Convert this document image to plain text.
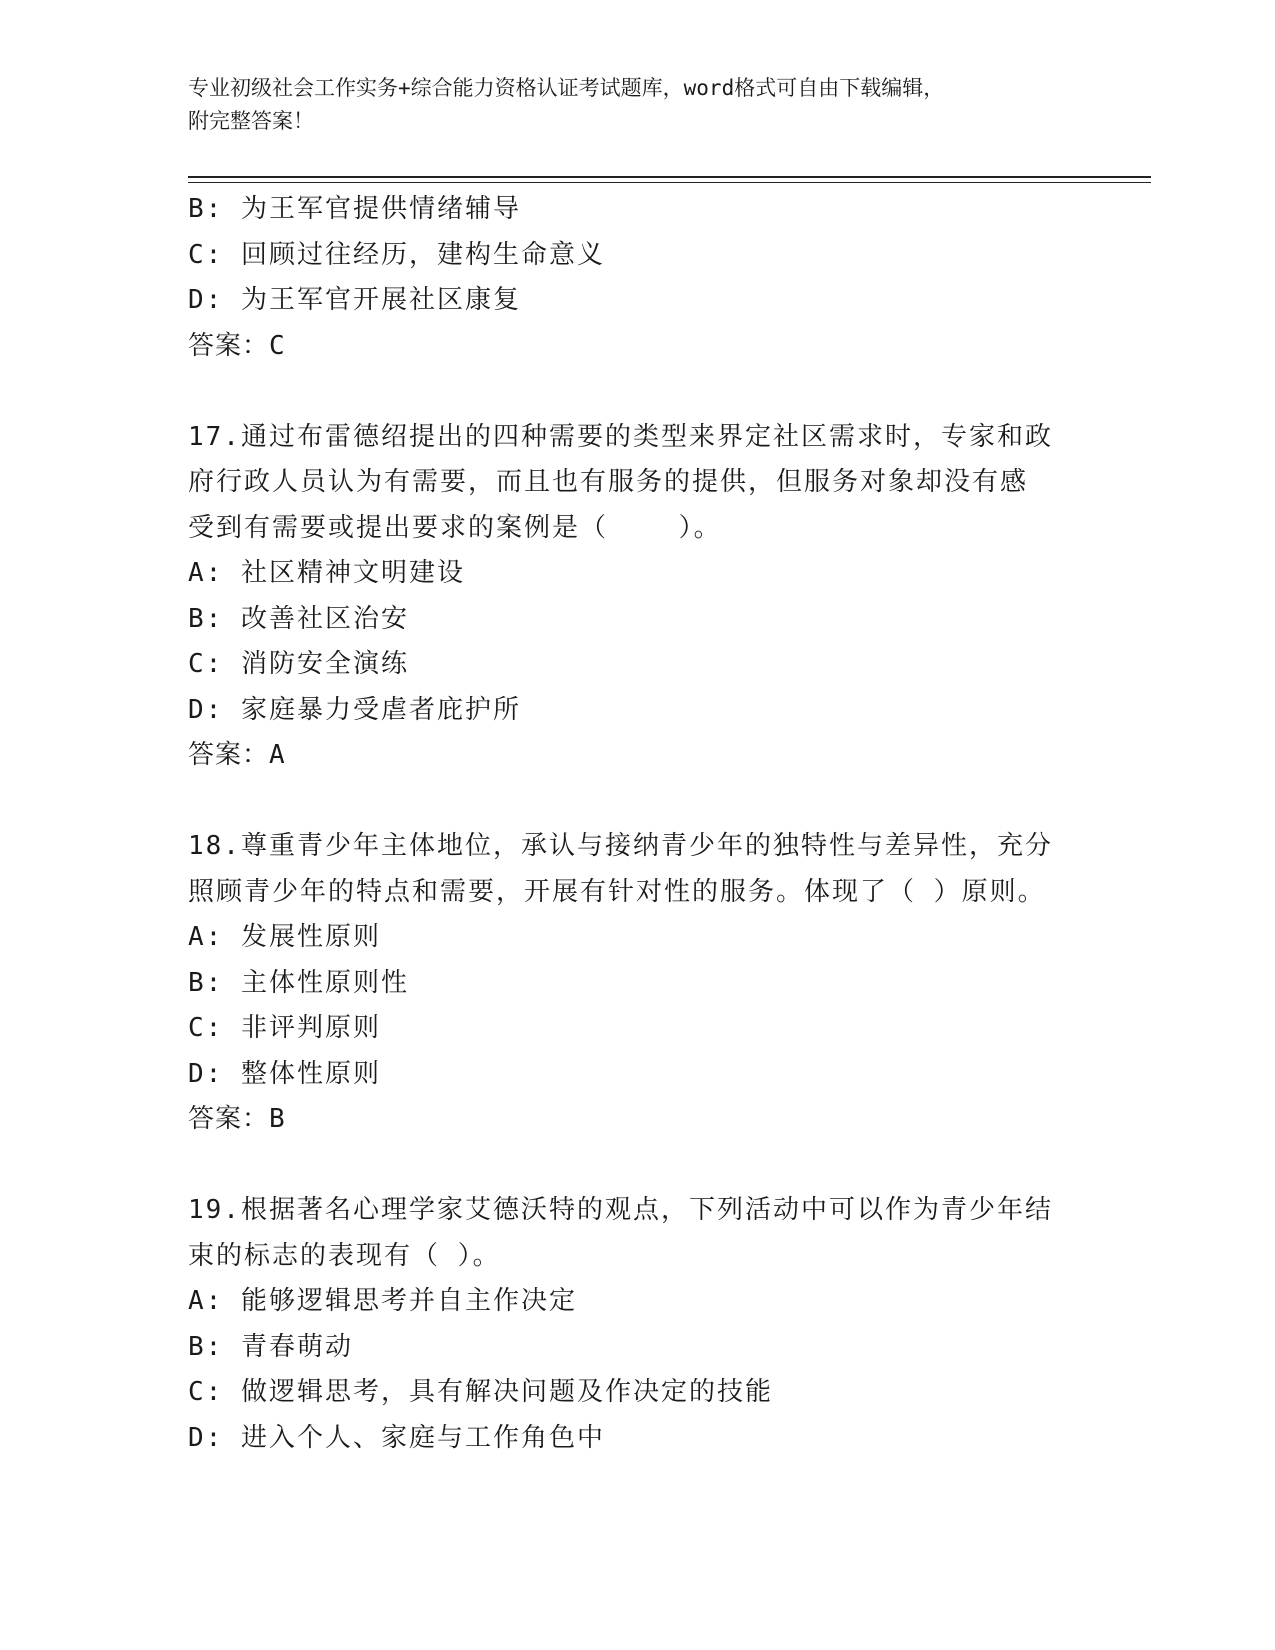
专业初级社会工作实务+综合能力资格认证考试题库，word格式可自由下载编辑，
附完整答案！
B: 为王军官提供情绪辅导
C: 回顾过往经历，建构生命意义
D: 为王军官开展社区康复
答案：C
17.通过布雷德绍提出的四种需要的类型来界定社区需求时，专家和政
府行政人员认为有需要，而且也有服务的提供，但服务对象却没有感
受到有需要或提出要求的案例是（    ）。
A: 社区精神文明建设
B: 改善社区治安
C: 消防安全演练
D: 家庭暴力受虐者庇护所
答案：A
18.尊重青少年主体地位，承认与接纳青少年的独特性与差异性，充分
照顾青少年的特点和需要，开展有针对性的服务。体现了（ ）原则。
A: 发展性原则
B: 主体性原则性
C: 非评判原则
D: 整体性原则
答案：B
19.根据著名心理学家艾德沃特的观点，下列活动中可以作为青少年结
束的标志的表现有（ ）。
A: 能够逻辑思考并自主作决定
B: 青春萌动
C: 做逻辑思考，具有解决问题及作决定的技能
D: 进入个人、家庭与工作角色中
